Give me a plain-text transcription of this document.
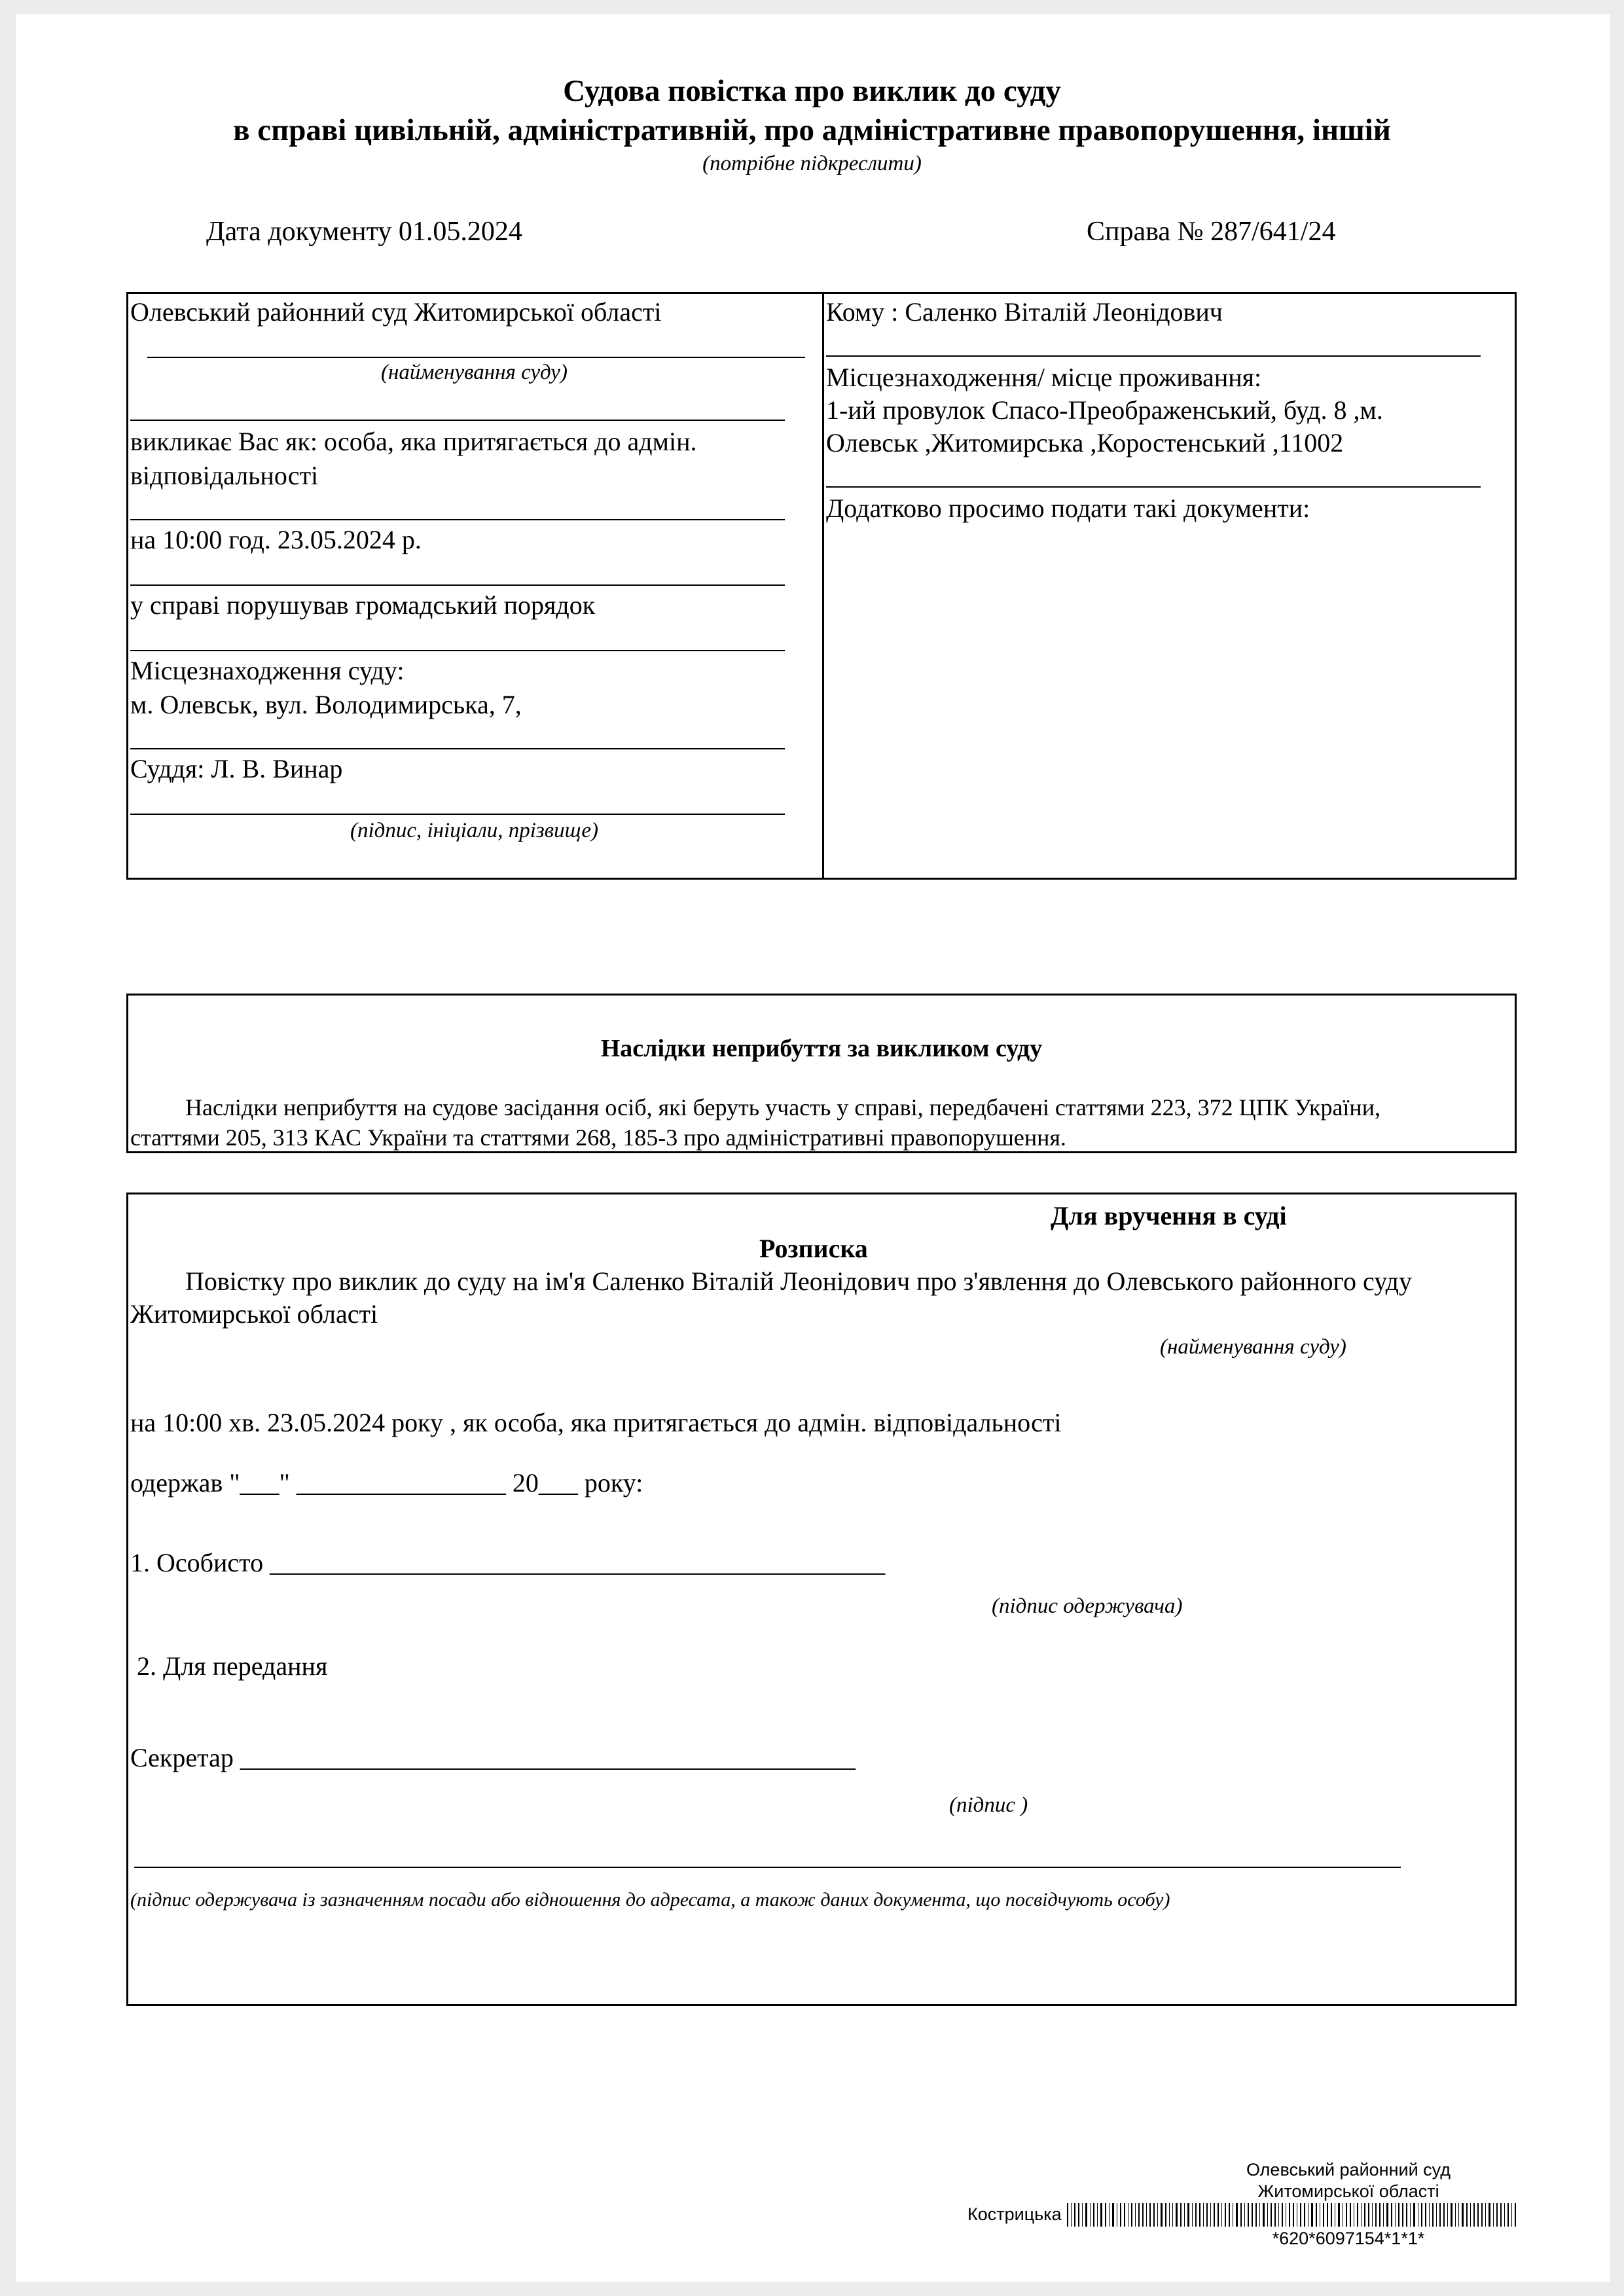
Судова повістка про виклик до суду
в справі цивільній, адміністративній, про адміністративне правопорушення, іншій
(потрібне підкреслити)
Дата документу 01.05.2024	Справа № 287/641/24
Олевський районний суд Житомирської області
(найменування суду)
викликає Вас як: особа, яка притягається до адмін.
відповідальності
на 10:00 год. 23.05.2024 р.
у справі порушував громадський порядок
Місцезнаходження суду:
м. Олевськ, вул. Володимирська, 7,
Суддя: Л. В. Винар
(підпис, ініціали, прізвище)
Кому : Саленко Віталій Леонідович
Місцезнаходження/ місце проживання:
1-ий провулок Спасо-Преображенський, буд. 8 ,м.
Олевськ ,Житомирська ,Коростенський ,11002
Додатково просимо подати такі документи:
Наслідки неприбуття за викликом суду
Наслідки неприбуття на судове засідання осіб, які беруть участь у справі, передбачені статтями 223, 372 ЦПК України,
статтями 205, 313 КАС України та статтями 268, 185-3 про адміністративні правопорушення.
Для вручення в суді
Розписка
Повістку про виклик до суду на ім'я Саленко Віталій Леонідович про з'явлення до Олевського районного суду
Житомирської області
(найменування суду)
на 10:00 хв. 23.05.2024 року , як особа, яка притягається до адмін. відповідальності
одержав "___" ________________ 20___ року:
1. Особисто _______________________________________________
(підпис одержувача)
2. Для передання
Секретар _______________________________________________
(підпис )
(підпис одержувача із зазначенням посади або відношення до адресата, а також даних документа, що посвідчують особу)
Олевський районний суд
Житомирської області
Кострицька
*620*6097154*1*1*
